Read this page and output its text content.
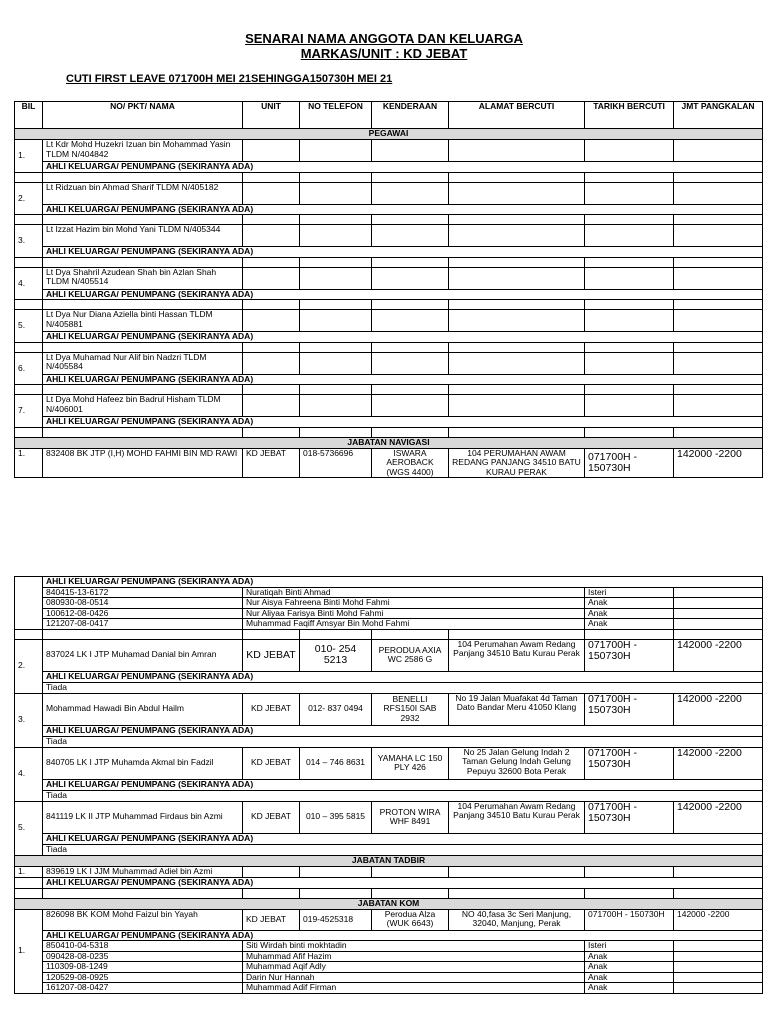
SENARAI NAMA ANGGOTA DAN KELUARGA
MARKAS/UNIT : KD JEBAT
CUTI FIRST LEAVE 071700H MEI 21SEHINGGA150730H MEI 21
BIL	NO/ PKT/ NAMA	UNIT	NO TELEFON	KENDERAAN	ALAMAT BERCUTI	TARIKH BERCUTI	JMT PANGKALAN
PEGAWAI							
1.	Lt Kdr Mohd Huzekri Izuan bin Mohammad Yasin TLDM N/404842						
	AHLI KELUARGA/ PENUMPANG (SEKIRANYA ADA)						

2.	Lt Ridzuan bin Ahmad Sharif TLDM N/405182						
	AHLI KELUARGA/ PENUMPANG (SEKIRANYA ADA)						

3.	Lt Izzat Hazim bin Mohd Yani TLDM N/405344						
	AHLI KELUARGA/ PENUMPANG (SEKIRANYA ADA)						

4.	Lt Dya Shahril Azudean Shah bin Azlan Shah TLDM N/405514						
	AHLI KELUARGA/ PENUMPANG (SEKIRANYA ADA)						

5.	Lt Dya Nur Diana Aziella binti Hassan TLDM N/405881						
	AHLI KELUARGA/ PENUMPANG (SEKIRANYA ADA)						

6.	Lt Dya Muhamad Nur Alif bin Nadzri TLDM N/405584						
	AHLI KELUARGA/ PENUMPANG (SEKIRANYA ADA)						

7.	Lt Dya Mohd Hafeez bin Badrul Hisham TLDM N/406001						
	AHLI KELUARGA/ PENUMPANG (SEKIRANYA ADA)						

JABATAN NAVIGASI							
1.	832408 BK JTP (I,H) MOHD FAHMI BIN MD RAWI	KD JEBAT	018-5736696	ISWARA AEROBACK (WGS 4400)	104 PERUMAHAN AWAM REDANG PANJANG 34510 BATU KURAU PERAK	071700H - 150730H	142000 -2200
	AHLI KELUARGA/ PENUMPANG (SEKIRANYA ADA)						
	840415-13-6172	Nuratiqah Binti Ahmad				Isteri	
	080930-08-0514	Nur Aisya Fahreena Binti Mohd Fahmi				Anak	
	100612-08-0426	Nur Aliyaa Farisya Binti Mohd Fahmi				Anak	
	121207-08-0417	Muhammad Faqiff Amsyar Bin Mohd Fahmi				Anak	

2.	837024 LK I JTP Muhamad Danial bin Amran	KD JEBAT	010- 254 5213	PERODUA AXIA WC 2586 G	104 Perumahan Awam Redang Panjang 34510 Batu Kurau Perak	071700H - 150730H	142000 -2200
	AHLI KELUARGA/ PENUMPANG (SEKIRANYA ADA)						
	Tiada						
3.	Mohammad Hawadi Bin Abdul Hailm	KD JEBAT	012- 837 0494	BENELLI RFS150I SAB 2932	No 19 Jalan Muafakat 4d Taman Dato Bandar Meru 41050 Klang	071700H - 150730H	142000 -2200
	AHLI KELUARGA/ PENUMPANG (SEKIRANYA ADA)						
	Tiada						
4.	840705 LK I JTP Muhamda Akmal bin Fadzil	KD JEBAT	014 – 746 8631	YAMAHA LC 150 PLY 426	No 25 Jalan Gelung Indah 2 Taman Gelung Indah Gelung Pepuyu 32600 Bota Perak	071700H - 150730H	142000 -2200
	AHLI KELUARGA/ PENUMPANG (SEKIRANYA ADA)						
	Tiada						
5.	841119 LK II JTP Muhammad Firdaus bin Azmi	KD JEBAT	010 – 395 5815	PROTON WIRA WHF 8491	104 Perumahan Awam Redang Panjang 34510 Batu Kurau Perak	071700H - 150730H	142000 -2200
	AHLI KELUARGA/ PENUMPANG (SEKIRANYA ADA)						
	Tiada						
JABATAN TADBIR							
1.	839619 LK I JJM Muhammad Adiel bin Azmi						
	AHLI KELUARGA/ PENUMPANG (SEKIRANYA ADA)						

JABATAN KOM							
1.	826098 BK KOM Mohd Faizul bin Yayah	KD JEBAT	019-4525318	Perodua Alza (WUK 6643)	NO 40,fasa 3c Seri Manjung, 32040, Manjung, Perak	071700H - 150730H	142000 -2200
	AHLI KELUARGA/ PENUMPANG (SEKIRANYA ADA)						
	850410-04-5318	Siti Wirdah binti mokhtadin				Isteri	
	090428-08-0235	Muhammad Afif Hazim				Anak	
	110309-08-1249	Muhammad Aqif Adly				Anak	
	120529-08-0925	Darin Nur Hannah				Anak	
	161207-08-0427	Muhammad Adif Firman				Anak	
